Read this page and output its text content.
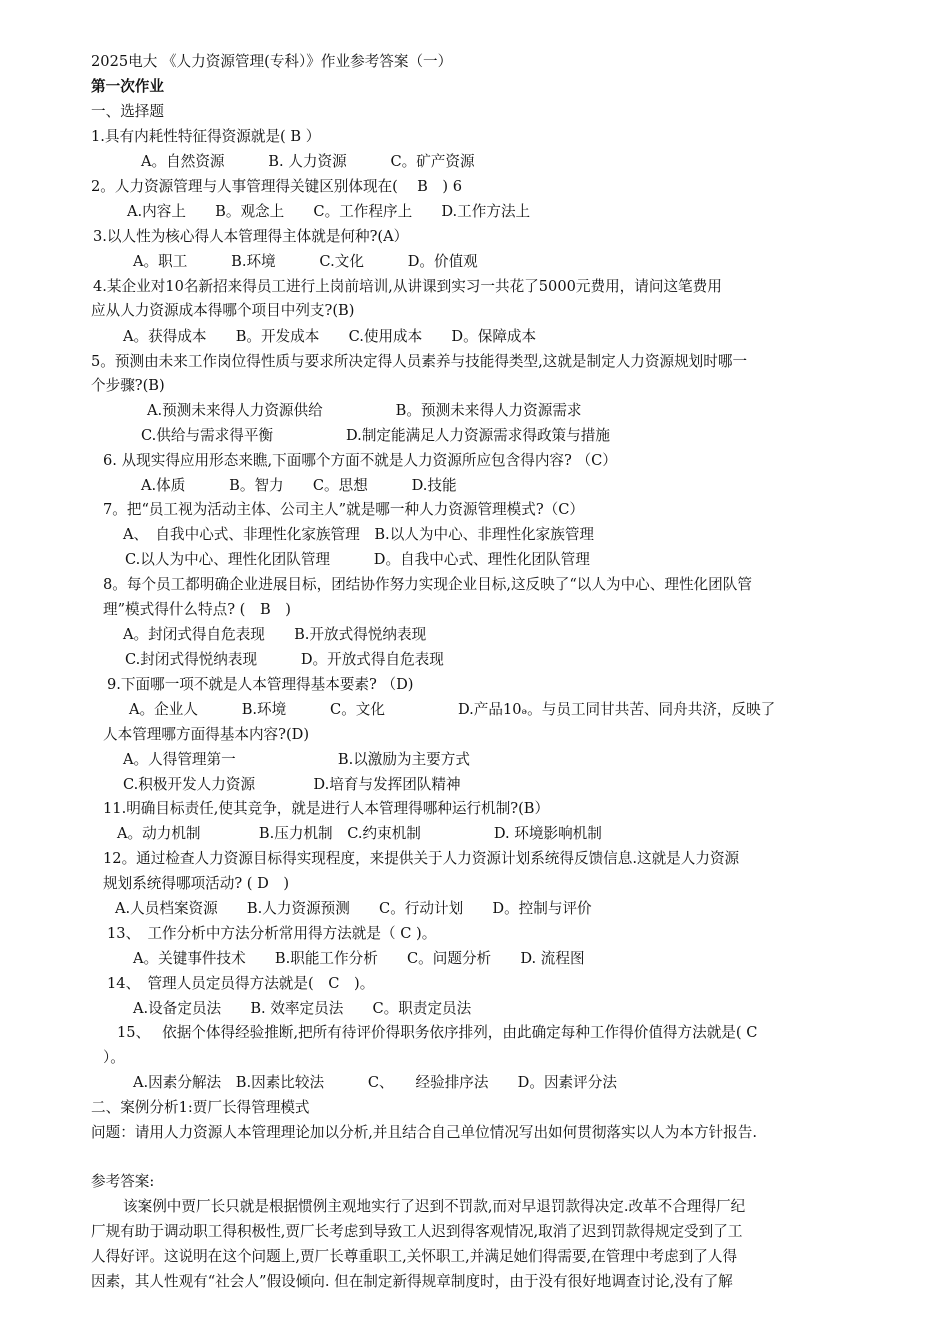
2025电大 《人力资源管理(专科）》作业参考答案（一）
第一次作业
一、选择题
1.具有内耗性特征得资源就是( B ）
A。自然资源　　　B. 人力资源　　　C。矿产资源
2。人力资源管理与人事管理得关键区别体现在(　 B　) 6
A.内容上　　B。观念上　　C。工作程序上　　D.工作方法上
3.以人性为核心得人本管理得主体就是何种?(A）
A。职工　　　B.环境　　　C.文化　　　D。价值观
4.某企业对10名新招来得员工进行上岗前培训,从讲课到实习一共花了5000元费用，请问这笔费用
应从人力资源成本得哪个项目中列支?(B)
A。获得成本　　B。开发成本　　C.使用成本　　D。保障成本
5。预测由未来工作岗位得性质与要求所决定得人员素养与技能得类型,这就是制定人力资源规划时哪一
个步骤?(B)
A.预测未来得人力资源供给　　　　　B。预测未来得人力资源需求
C.供给与需求得平衡　　　　　D.制定能满足人力资源需求得政策与措施
6. 从现实得应用形态来瞧,下面哪个方面不就是人力资源所应包含得内容? （C）
A.体质　　　B。智力　　C。思想　　　D.技能
7。把“员工视为活动主体、公司主人”就是哪一种人力资源管理模式?（C）
A、　自我中心式、非理性化家族管理　B.以人为中心、非理性化家族管理
C.以人为中心、理性化团队管理　　　D。自我中心式、理性化团队管理
8。每个员工都明确企业进展目标，团结协作努力实现企业目标,这反映了“以人为中心、理性化团队管
理”模式得什么特点? (　B　)
A。封闭式得自危表现　　B.开放式得悦纳表现
C.封闭式得悦纳表现　　　D。开放式得自危表现
9.下面哪一项不就是人本管理得基本要素? （D)
A。企业人　　　B.环境　　　C。文化　　　　　D.产品10ₔ。与员工同甘共苦、同舟共济，反映了
人本管理哪方面得基本内容?(D)
A。人得管理第一　　　　　　　B.以激励为主要方式
C.积极开发人力资源　　　　D.培育与发挥团队精神
11.明确目标责任,使其竞争，就是进行人本管理得哪种运行机制?(B）
A。动力机制　　　　B.压力机制　C.约束机制　　　　　D. 环境影响机制
12。通过检查人力资源目标得实现程度，来提供关于人力资源计划系统得反馈信息.这就是人力资源
规划系统得哪项活动? ( D　)
A.人员档案资源　　B.人力资源预测　　C。行动计划　　D。控制与评价
13、　工作分析中方法分析常用得方法就是（ C )。
A。关键事件技术　　B.职能工作分析　　C。问题分析　　D. 流程图
14、　管理人员定员得方法就是(　C　)。
A.设备定员法　　B. 效率定员法　　C。职责定员法
15、　 依据个体得经验推断,把所有待评价得职务依序排列，由此确定每种工作得价值得方法就是( C
）。
A.因素分解法　B.因素比较法　　　C、　　经验排序法　　D。因素评分法
二、案例分析1:贾厂长得管理模式
问题：请用人力资源人本管理理论加以分析,并且结合自己单位情况写出如何贯彻落实以人为本方针报告.
参考答案:
该案例中贾厂长只就是根据惯例主观地实行了迟到不罚款,而对早退罚款得决定.改革不合理得厂纪
厂规有助于调动职工得积极性,贾厂长考虑到导致工人迟到得客观情况,取消了迟到罚款得规定受到了工
人得好评。这说明在这个问题上,贾厂长尊重职工,关怀职工,并满足她们得需要,在管理中考虑到了人得
因素，其人性观有“社会人”假设倾向. 但在制定新得规章制度时，由于没有很好地调查讨论,没有了解
